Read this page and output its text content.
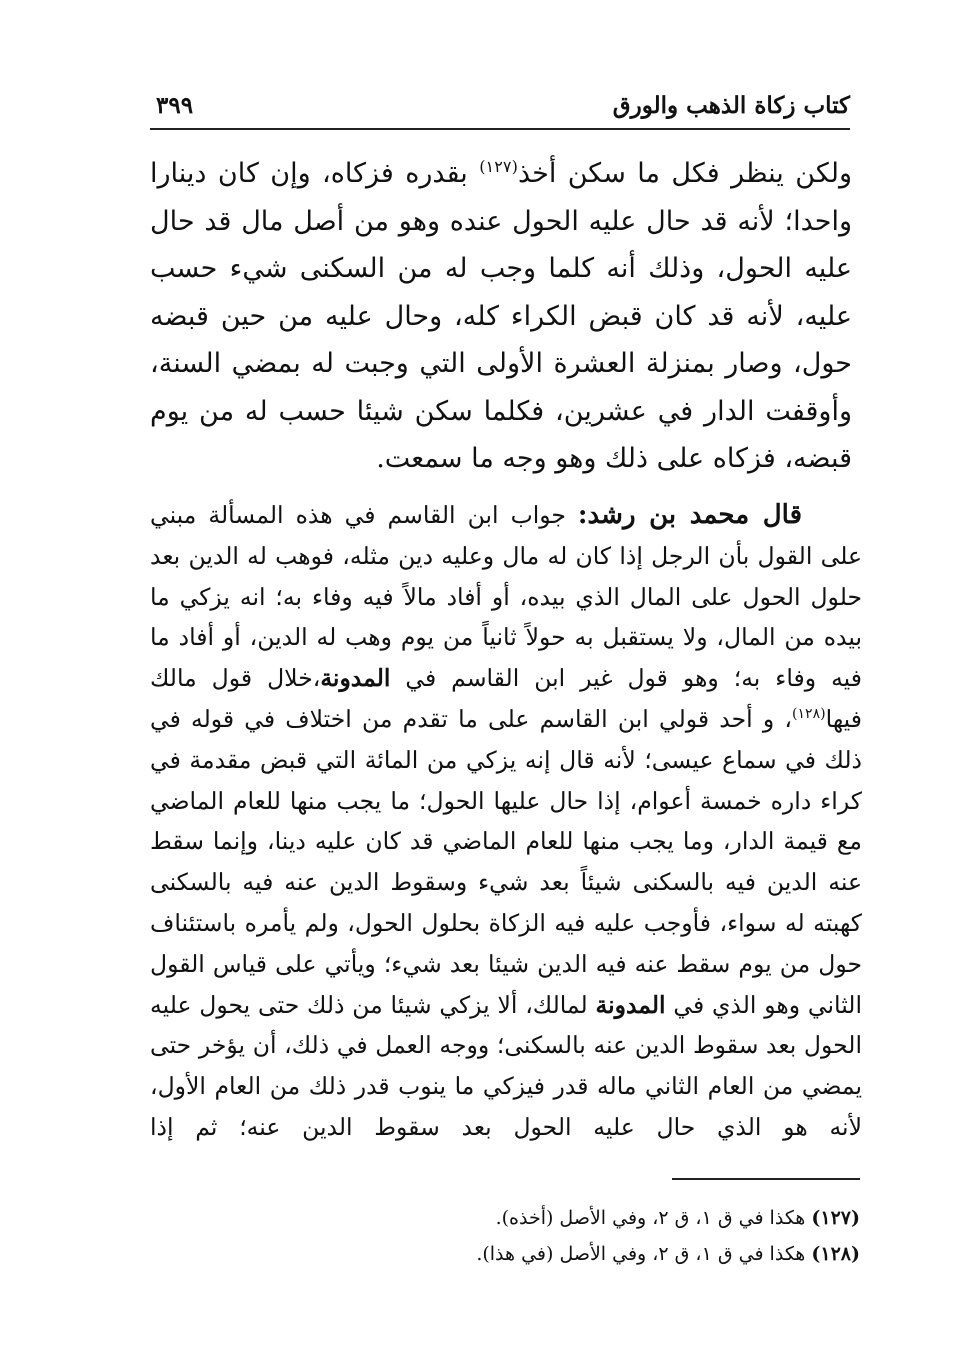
كتاب زكاة الذهب والورق
٣٩٩

ولكن ينظر فكل ما سكن أخذ$^{(١٢٧)}$ بقدره فزكاه، وإن كان دينارا واحدا؛ لأنه قد حال عليه الحول عنده وهو من أصل مال قد حال عليه الحول، وذلك أنه كلما وجب له من السكنى شيء حسب عليه، لأنه قد كان قبض الكراء كله، وحال عليه من حين قبضه حول، وصار بمنزلة العشرة الأولى التي وجبت له بمضي السنة، وأوقفت الدار في عشرين، فكلما سكن شيئا حسب له من يوم قبضه، فزكاه على ذلك وهو وجه ما سمعت.

قال محمد بن رشد: جواب ابن القاسم في هذه المسألة مبني على القول بأن الرجل إذا كان له مال وعليه دين مثله، فوهب له الدين بعد حلول الحول على المال الذي بيده، أو أفاد مالاً فيه وفاء به؛ انه يزكي ما بيده من المال، ولا يستقبل به حولاً ثانياً من يوم وهب له الدين، أو أفاد ما فيه وفاء به؛ وهو قول غير ابن القاسم في المدونة،خلال قول مالك فيها$^{(١٢٨)}$، و أحد قولي ابن القاسم على ما تقدم من اختلاف في قوله في ذلك في سماع عيسى؛ لأنه قال إنه يزكي من المائة التي قبض مقدمة في كراء داره خمسة أعوام، إذا حال عليها الحول؛ ما يجب منها للعام الماضي مع قيمة الدار، وما يجب منها للعام الماضي قد كان عليه دينا، وإنما سقط عنه الدين فيه بالسكنى شيئاً بعد شيء وسقوط الدين عنه فيه بالسكنى كهبته له سواء، فأوجب عليه فيه الزكاة بحلول الحول، ولم يأمره باستئناف حول من يوم سقط عنه فيه الدين شيئا بعد شيء؛ ويأتي على قياس القول الثاني وهو الذي في المدونة لمالك، ألا يزكي شيئا من ذلك حتى يحول عليه الحول بعد سقوط الدين عنه بالسكنى؛ ووجه العمل في ذلك، أن يؤخر حتى يمضي من العام الثاني ماله قدر فيزكي ما ينوب قدر ذلك من العام الأول، لأنه هو الذي حال عليه الحول بعد سقوط الدين عنه؛ ثم إذا

(١٢٧) هكذا في ق ١، ق ٢، وفي الأصل (أخذه).
(١٢٨) هكذا في ق ١، ق ٢، وفي الأصل (في هذا).
